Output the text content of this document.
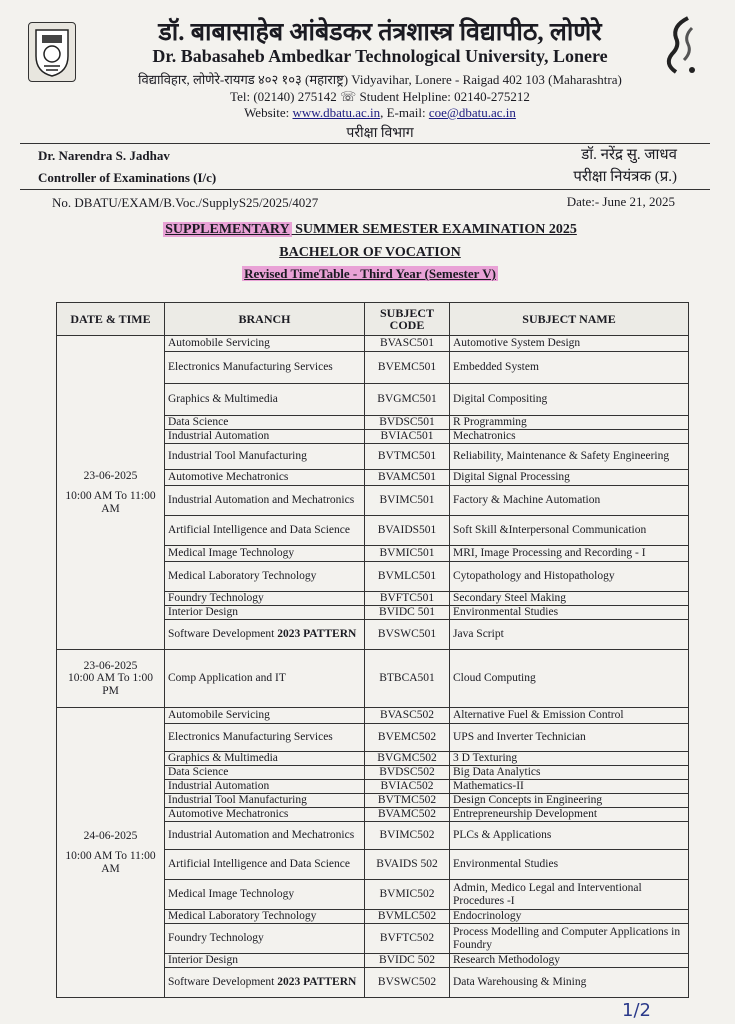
डॉ. बाबासाहेब आंबेडकर तंत्रशास्त्र विद्यापीठ, लोणेरे
Dr. Babasaheb Ambedkar Technological University, Lonere
विद्याविहार, लोणेरे-रायगड ४०२ १०३ (महाराष्ट्र) Vidyavihar, Lonere - Raigad 402 103 (Maharashtra)
Tel: (02140) 275142 ☏ Student Helpline: 02140-275212
Website: www.dbatu.ac.in, E-mail: coe@dbatu.ac.in
परीक्षा विभाग
Dr. Narendra S. Jadhav
Controller of Examinations (I/c)
डॉ. नरेंद्र सु. जाधव
परीक्षा नियंत्रक (प्र.)
No. DBATU/EXAM/B.Voc./SupplyS25/2025/4027	Date:- June 21, 2025
SUPPLEMENTARY SUMMER SEMESTER EXAMINATION 2025
BACHELOR OF VOCATION
Revised TimeTable - Third Year (Semester V)
DATE & TIME	BRANCH	SUBJECT CODE	SUBJECT NAME

23-06-2025
10:00 AM To 11:00 AM	Automobile Servicing	BVASC501	Automotive System Design
	Electronics Manufacturing Services	BVEMC501	Embedded System
	Graphics & Multimedia	BVGMC501	Digital Compositing
	Data Science	BVDSC501	R Programming
	Industrial Automation	BVIAC501	Mechatronics
	Industrial Tool Manufacturing	BVTMC501	Reliability, Maintenance & Safety Engineering
	Automotive Mechatronics	BVAMC501	Digital Signal Processing
	Industrial Automation and Mechatronics	BVIMC501	Factory & Machine Automation
	Artificial Intelligence and Data Science	BVAIDS501	Soft Skill &Interpersonal Communication
	Medical Image Technology	BVMIC501	MRI, Image Processing and Recording - I
	Medical Laboratory Technology	BVMLC501	Cytopathology and Histopathology
	Foundry Technology	BVFTC501	Secondary Steel Making
	Interior Design	BVIDC 501	Environmental Studies
	Software Development 2023 PATTERN	BVSWC501	Java Script

23-06-2025
10:00 AM To 1:00 PM	Comp Application and IT	BTBCA501	Cloud Computing

24-06-2025
10:00 AM To 11:00 AM	Automobile Servicing	BVASC502	Alternative Fuel & Emission Control
	Electronics Manufacturing Services	BVEMC502	UPS and Inverter Technician
	Graphics & Multimedia	BVGMC502	3 D Texturing
	Data Science	BVDSC502	Big Data Analytics
	Industrial Automation	BVIAC502	Mathematics-II
	Industrial Tool Manufacturing	BVTMC502	Design Concepts in Engineering
	Automotive Mechatronics	BVAMC502	Entrepreneurship Development
	Industrial Automation and Mechatronics	BVIMC502	PLCs & Applications
	Artificial Intelligence and Data Science	BVAIDS 502	Environmental Studies
	Medical Image Technology	BVMIC502	Admin, Medico Legal and Interventional Procedures -I
	Medical Laboratory Technology	BVMLC502	Endocrinology
	Foundry Technology	BVFTC502	Process Modelling and Computer Applications in Foundry
	Interior Design	BVIDC 502	Research Methodology
	Software Development 2023 PATTERN	BVSWC502	Data Warehousing & Mining
1/2
